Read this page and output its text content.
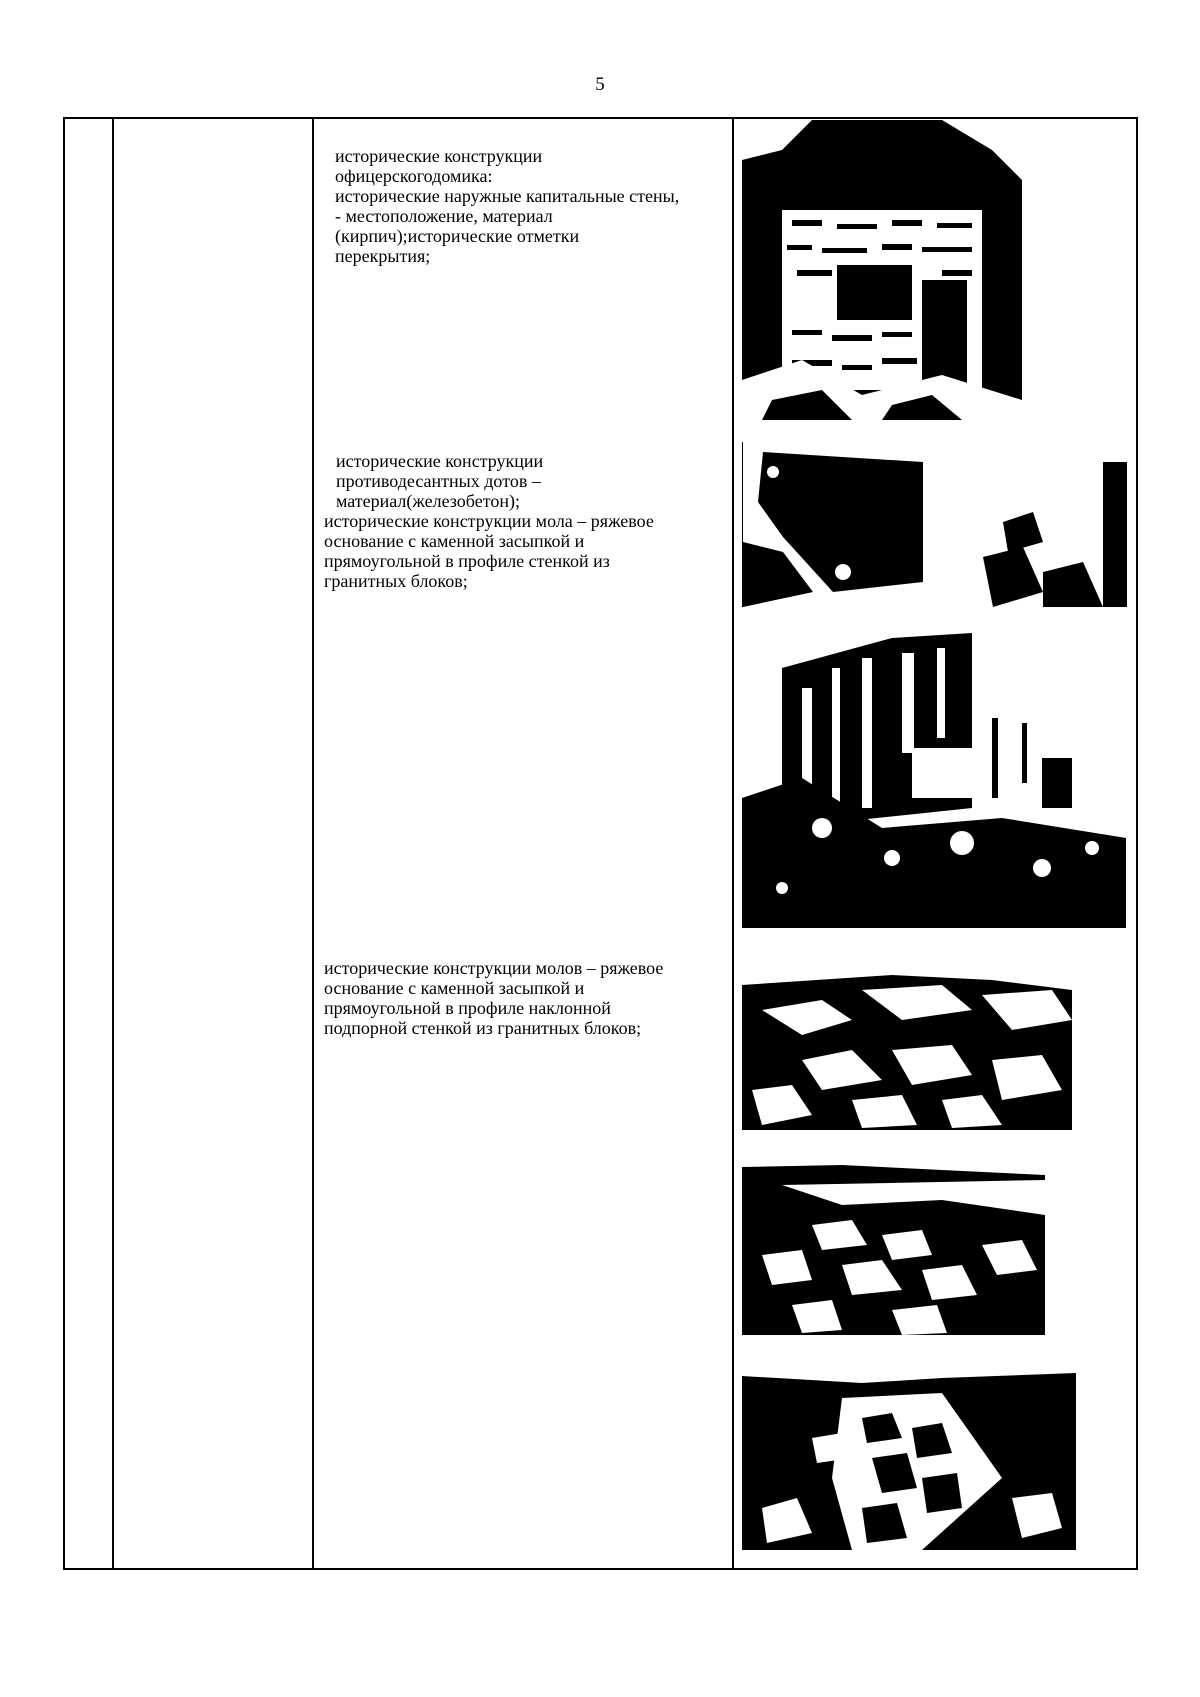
5
исторические конструкции
офицерскогодомика:
исторические наружные капитальные стены,
- местоположение, материал
(кирпич);исторические отметки
перекрытия;
исторические конструкции
противодесантных дотов –
материал(железобетон);
исторические конструкции мола – ряжевое
основание с каменной засыпкой и
прямоугольной в профиле стенкой из
гранитных блоков;
исторические конструкции молов – ряжевое
основание с каменной засыпкой и
прямоугольной в профиле наклонной
подпорной стенкой из гранитных блоков;
